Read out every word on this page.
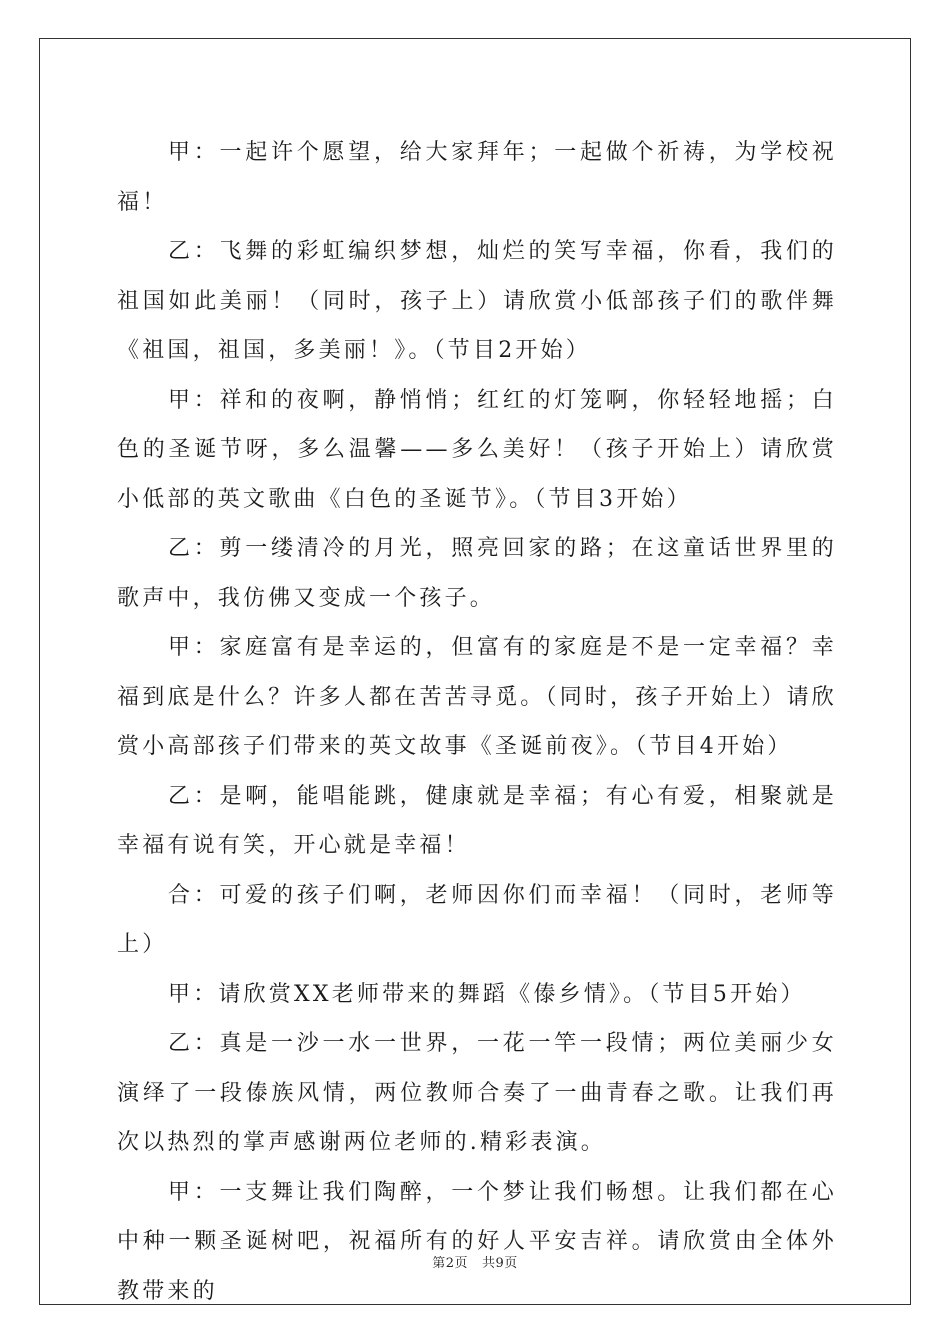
甲：一起许个愿望，给大家拜年；一起做个祈祷，为学校祝福！

乙：飞舞的彩虹编织梦想，灿烂的笑写幸福，你看，我们的祖国如此美丽！（同时，孩子上）请欣赏小低部孩子们的歌伴舞《祖国，祖国，多美丽！》。（节目2开始）

甲：祥和的夜啊，静悄悄；红红的灯笼啊，你轻轻地摇；白色的圣诞节呀，多么温馨——多么美好！（孩子开始上）请欣赏小低部的英文歌曲《白色的圣诞节》。（节目3开始）

乙：剪一缕清冷的月光，照亮回家的路；在这童话世界里的歌声中，我仿佛又变成一个孩子。

甲：家庭富有是幸运的，但富有的家庭是不是一定幸福？幸福到底是什么？许多人都在苦苦寻觅。（同时，孩子开始上）请欣赏小高部孩子们带来的英文故事《圣诞前夜》。（节目4开始）

乙：是啊，能唱能跳，健康就是幸福；有心有爱，相聚就是幸福有说有笑，开心就是幸福！

合：可爱的孩子们啊，老师因你们而幸福！（同时，老师等上）

甲：请欣赏XX老师带来的舞蹈《傣乡情》。（节目5开始）

乙：真是一沙一水一世界，一花一竿一段情；两位美丽少女演绎了一段傣族风情，两位教师合奏了一曲青春之歌。让我们再次以热烈的掌声感谢两位老师的.精彩表演。

甲：一支舞让我们陶醉，一个梦让我们畅想。让我们都在心中种一颗圣诞树吧，祝福所有的好人平安吉祥。请欣赏由全体外教带来的

第2页 共9页
